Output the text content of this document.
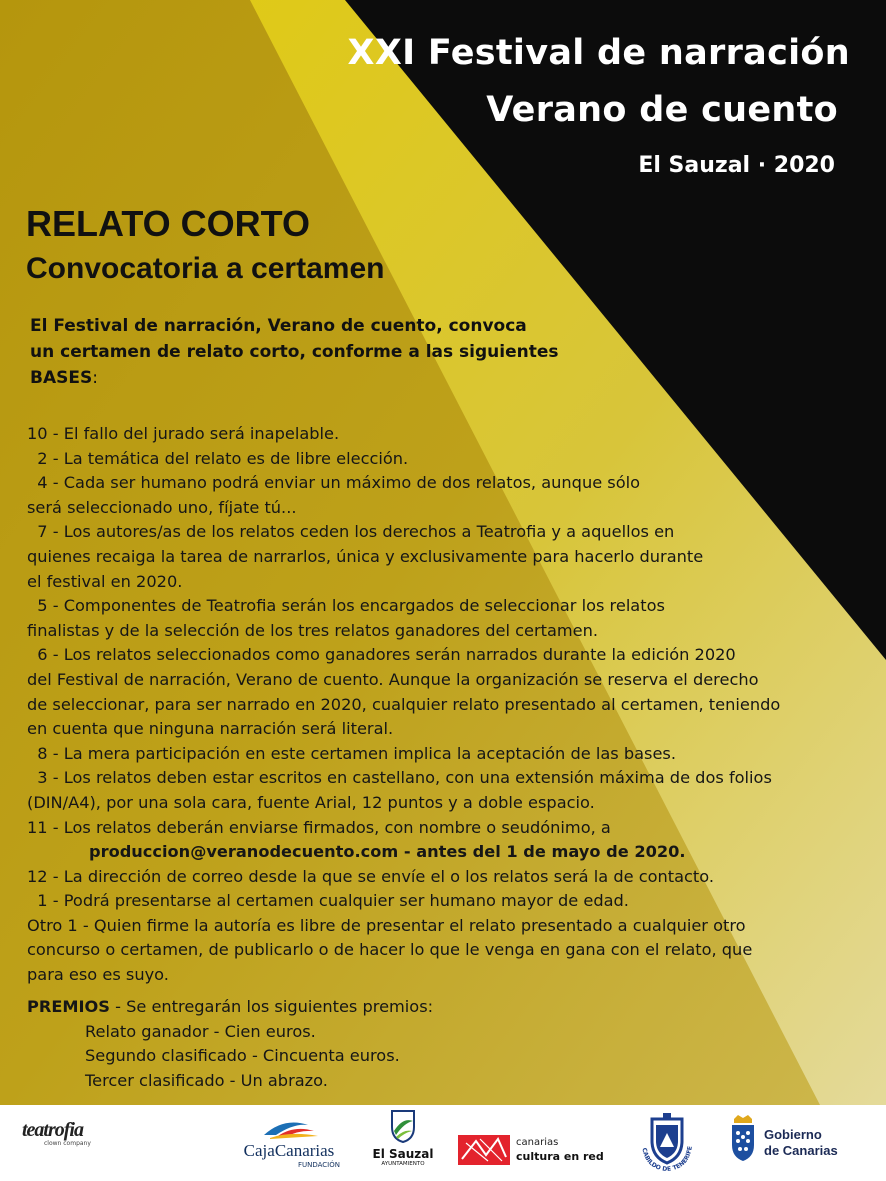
XXI Festival de narración
Verano de cuento
El Sauzal · 2020
RELATO CORTO
Convocatoria a certamen
El Festival de narración, Verano de cuento, convoca
un certamen de relato corto, conforme a las siguientes
BASES:

10 - El fallo del jurado será inapelable.

2 - La temática del relato es de libre elección.

4 - Cada ser humano podrá enviar un máximo de dos relatos, aunque sólo
será seleccionado uno, fíjate tú...

7 - Los autores/as de los relatos ceden los derechos a Teatrofia y a aquellos en
quienes recaiga la tarea de narrarlos, única y exclusivamente para hacerlo durante
el festival en 2020.

5 - Componentes de Teatrofia serán los encargados de seleccionar los relatos
finalistas y de la selección de los tres relatos ganadores del certamen.

6 - Los relatos seleccionados como ganadores serán narrados durante la edición 2020
del Festival de narración, Verano de cuento. Aunque la organización se reserva el derecho
de seleccionar, para ser narrado en 2020, cualquier relato presentado al certamen, teniendo
en cuenta que ninguna narración será literal.

8 - La mera participación en este certamen implica la aceptación de las bases.

3 - Los relatos deben estar escritos en castellano, con una extensión máxima de dos folios
(DIN/A4), por una sola cara, fuente Arial, 12 puntos y a doble espacio.

11 - Los relatos deberán enviarse firmados, con nombre o seudónimo, a

produccion@veranodecuento.com - antes del 1 de mayo de 2020.

12 - La dirección de correo desde la que se envíe el o los relatos será la de contacto.

1 - Podrá presentarse al certamen cualquier ser humano mayor de edad.

Otro 1 - Quien firme la autoría es libre de presentar el relato presentado a cualquier otro
concurso o certamen, de publicarlo o de hacer lo que le venga en gana con el relato, que
para eso es suyo.

PREMIOS - Se entregarán los siguientes premios:

Relato ganador - Cien euros.

Segundo clasificado - Cincuenta euros.

Tercer clasificado - Un abrazo.

teatrofia
clown company	CajaCanarias
FUNDACIÓN
El Sauzal
AYUNTAMIENTO
canarias
cultura en red	CABILDO DE TENERIFE
Gobierno
de Canarias
